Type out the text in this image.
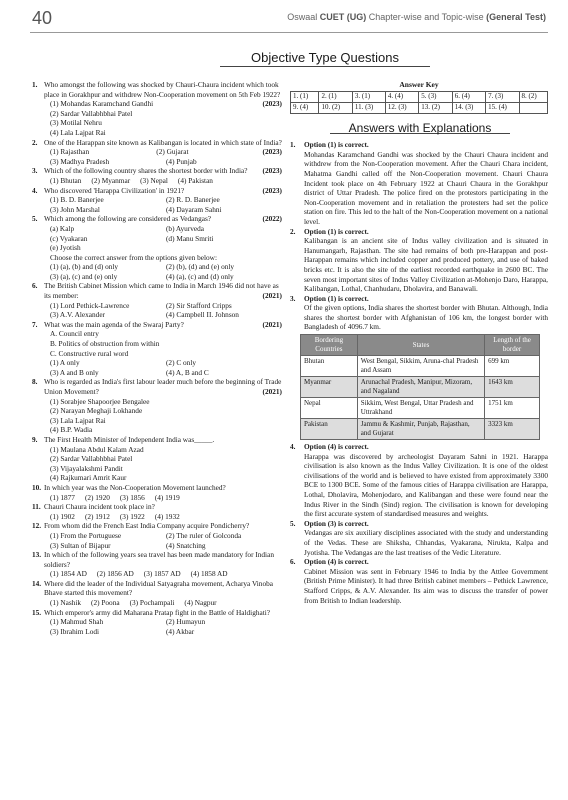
40	Oswaal CUET (UG) Chapter-wise and Topic-wise (General Test)
Objective Type Questions
1. Who amongst the following was shocked by Chauri-Chaura incident which took place in Gorakhpur and withdrew Non-Cooperation movement on 5th Feb 1922?
(2023)
(1) Mohandas Karamchand Gandhi
(2) Sardar Vallabhbhai Patel
(3) Motilal Nehru
(4) Lala Lajpat Rai
2. One of the Harappan site known as Kalibangan is located in which state of India?
(2023)
(1) Rajasthan	(2) Gujarat
(3) Madhya Pradesh	(4) Punjab
3. Which of the following country shares the shortest border with India? (2023)
(1) Bhutan (2) Myanmar (3) Nepal (4) Pakistan
4. Who discovered 'Harappa Civilization' in 1921?	(2023)
(1) B. D. Banerjee	(2) R. D. Banerjee
(3) John Marshal	(4) Dayaram Sahni
5. Which among the following are considered as Vedangas?	(2022)
(a) Kalp	(b) Ayurveda
(c) Vyakaran	(d) Manu Smriti
(e) Jyotish
Choose the correct answer from the options given below:
(1) (a), (b) and (d) only	(2) (b), (d) and (e) only
(3) (a), (c) and (e) only	(4) (a), (c) and (d) only
6. The British Cabinet Mission which came to India in March 1946 did not have as its member:	(2021)
(1) Lord Pethick-Lawrence	(2) Sir Stafford Cripps
(3) A.V. Alexander	(4) Campbell II. Johnson
7. What was the main agenda of the Swaraj Party?	(2021)
A. Council entry
B. Politics of obstruction from within
C. Constructive rural word
(1) A only	(2) C only
(3) A and B only	(4) A, B and C
8. Who is regarded as India's first labour leader much before the beginning of Trade Union Movement?	(2021)
(1) Sorabjee Shapoorjee Bengalee
(2) Narayan Meghaji Lokhande
(3) Lala Lajpat Rai
(4) B.P. Wadia
9. The First Health Minister of Independent India was_____.
(1) Maulana Abdul Kalam Azad
(2) Sardar Vallabhbhai Patel
(3) Vijayalakshmi Pandit
(4) Rajkumari Amrit Kaur
10. In which year was the Non-Cooperation Movement launched?
(1) 1877 (2) 1920 (3) 1856 (4) 1919
11. Chauri Chaura incident took place in?
(1) 1902 (2) 1912 (3) 1922 (4) 1932
12. From whom did the French East India Company acquire Pondicherry?
(1) From the Portuguese	(2) The ruler of Golconda
(3) Sultan of Bijapur	(4) Snatching
13. In which of the following years sea travel has been made mandatory for Indian soldiers?
(1) 1854 AD (2) 1856 AD (3) 1857 AD (4) 1858 AD
14. Where did the leader of the Individual Satyagraha movement, Acharya Vinoba Bhave started this movement?
(1) Nashik (2) Poona (3) Pochampali (4) Nagpur
15. Which emperor's army did Maharana Pratap fight in the Battle of Haldighati?
(1) Mahmud Shah	(2) Humayun
(3) Ibrahim Lodi	(4) Akbar
Answer Key
1. (1)	2. (1)	3. (1)	4. (4)	5. (3)	6. (4)	7. (3)	8. (2)
9. (4)	10. (2)	11. (3)	12. (3)	13. (2)	14. (3)	15. (4)	
Answers with Explanations
1. Option (1) is correct.
Mohandas Karamchand Gandhi was shocked by the Chauri Chaura incident and withdrew from the Non-Cooperation movement. After the Chauri Chara incident, Mahatma Gandhi called off the Non-Cooperation movement. Chauri Chaura Incident took place on 4th February 1922 at Chauri Chaura in the Gorakhpur district of Uttar Pradesh. The police fired on the protestors participating in the Non-Cooperation movement and in retaliation the protesters had set the police station on fire. This led to the halt of the Non-Cooperation movement on a national level.
2. Option (1) is correct.
Kalibangan is an ancient site of Indus valley civilization and is situated in Hanumangarh, Rajasthan. The site had remains of both pre-Harappan and post-Harappan remains which included copper and produced pottery, and use of baked bricks etc. It is also the site of the earliest recorded earthquake in 2600 BC. The seven most important sites of Indus Valley Civilization at-Mohenjo Daro, Harappa, Kalibangan, Lothal, Chanhudaru, Dholavira, and Banawali.
3. Option (1) is correct.
Of the given options, India shares the shortest border with Bhutan. Although, India shares the shortest border with Afghanistan of 106 km, the longest border with Bangladesh of 4096.7 km.
Bordering Countries	States	Length of the border
Bhutan	West Bengal, Sikkim, Aruna-chal Pradesh and Assam	699 km
Myanmar	Arunachal Pradesh, Manipur, Mizoram, and Nagaland	1643 km
Nepal	Sikkim, West Bengal, Uttar Pradesh and Uttrakhand	1751 km
Pakistan	Jammu & Kashmir, Punjab, Rajasthan, and Gujarat	3323 km
4. Option (4) is correct.
Harappa was discovered by archeologist Dayaram Sahni in 1921. Harappa civilisation is also known as the Indus Valley Civilization. It is one of the oldest civilisations of the world and is believed to have existed from approximately 3300 BCE to 1300 BCE. Some of the famous cities of Harappa civilisation are Harappa, Lothal, Dholavira, Mohenjodaro, and Kalibangan and these were found near the Indus River in the Sindh (Sind) region. The civilisation is known for developing the first accurate system of standardised measures and weights.
5. Option (3) is correct.
Vedangas are six auxiliary disciplines associated with the study and understanding of the Vedas. These are Shiksha, Chhandas, Vyakarana, Nirukta, Kalpa and Jyotisha. The Vedangas are the last treatises of the Vedic Literature.
6. Option (4) is correct.
Cabinet Mission was sent in February 1946 to India by the Attlee Government (British Prime Minister). It had three British cabinet members – Pethick Lawrence, Stafford Cripps, & A.V. Alexander. Its aim was to discuss the transfer of power from British to Indian leadership.
